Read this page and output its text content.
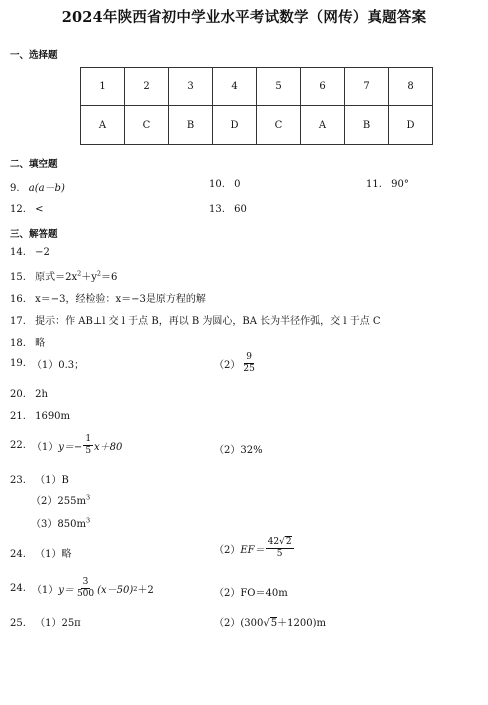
2024年陕西省初中学业水平考试数学（网传）真题答案
一、选择题
1	2	3	4	5	6	7	8
A	C	B	D	C	A	B	D
二、填空题
9. a(a－b)	10. 0	11. 90°
12. <	13. 60
三、解答题
14. −2
15. 原式$=2x^2+y^2=6$
16. x＝−3，经检验：x＝−3是原方程的解
17. 提示：作 AB⊥l 交 l 于点 B，再以 B 为圆心，BA 长为半径作弧，交 l 于点 C
18. 略
19. （1）0.3；	$(2) \frac{9}{25}$
20. 2h
21. 1690m
22. （1） $y=- \frac{1}{5} x+80$	（2）32%
23. （1）B
$(2)255m^3$
$(3)850m^3$
24. （1）略	（2） $EF= \frac{42√2}{5}$
24. （1） $y= \frac{3}{500} (x-50)$ 2 ＋2	（2）FO＝40m
25. （1）25π	（2）(300√5＋1200)m
